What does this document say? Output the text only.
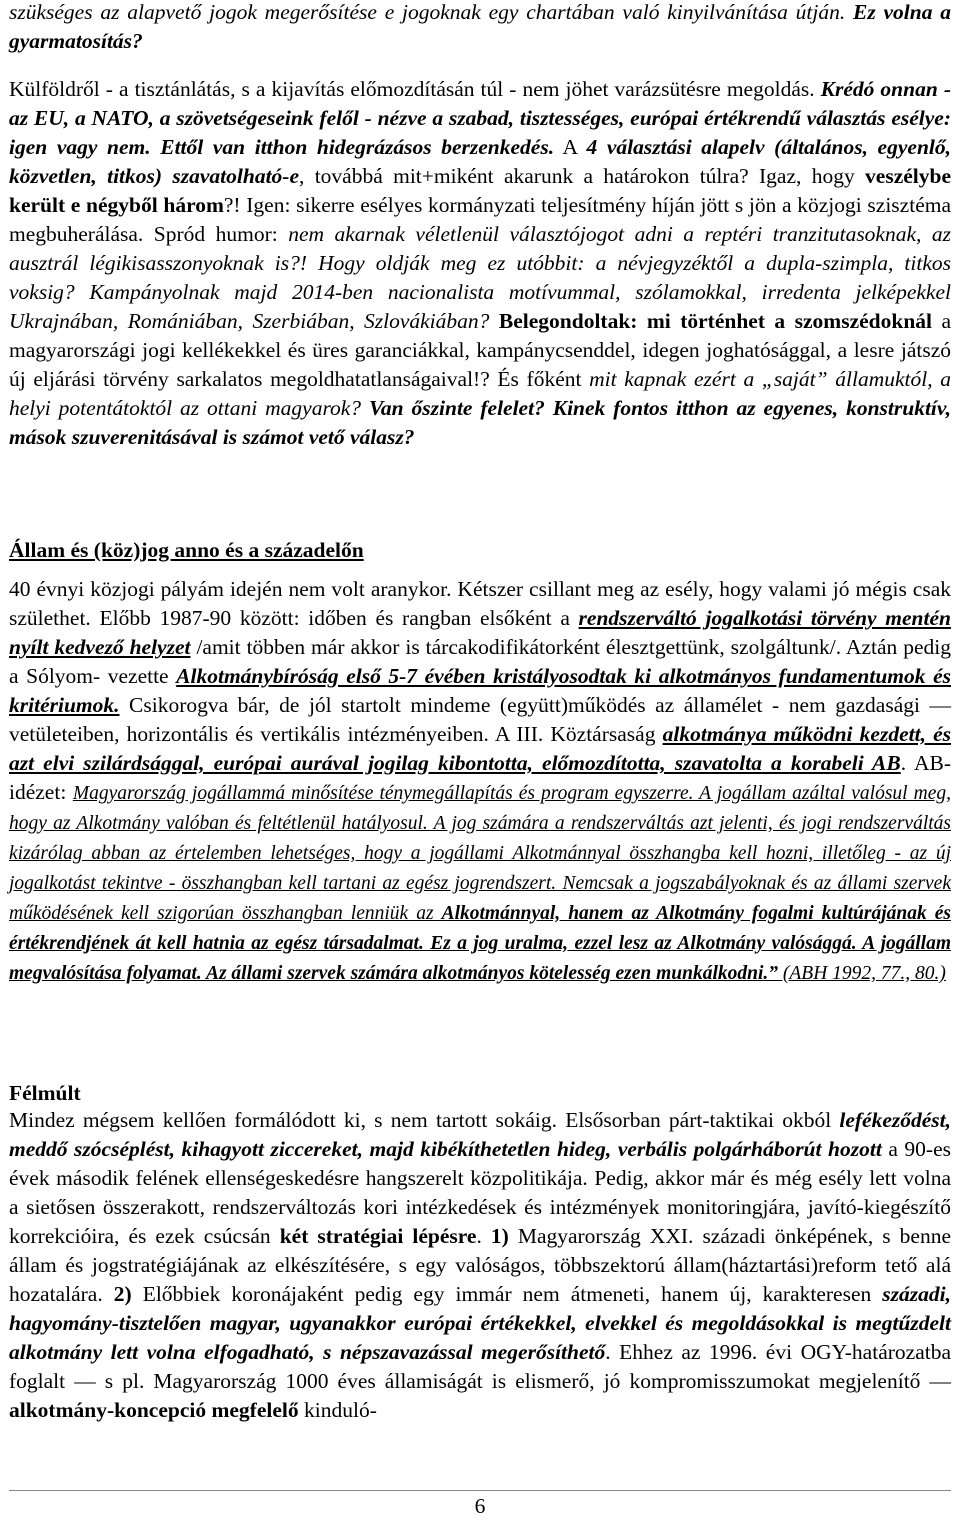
szükséges az alapvető jogok megerősítése e jogoknak egy chartában való kinyilvánítása útján. Ez volna a gyarmatosítás?

Külföldről - a tisztánlátás, s a kijavítás előmozdításán túl - nem jöhet varázsütésre megoldás. Krédó onnan - az EU, a NATO, a szövetségeseink felől - nézve a szabad, tisztességes, európai értékrendű választás esélye: igen vagy nem. Ettől van itthon hidegrázásos berzenkedés. A 4 választási alapelv (általános, egyenlő, közvetlen, titkos) szavatolható-e, továbbá mit+miként akarunk a határokon túlra? Igaz, hogy veszélybe került e négyből három?! Igen: sikerre esélyes kormányzati teljesítmény híján jött s jön a közjogi szisztéma megbuherálása. Spród humor: nem akarnak véletlenül választójogot adni a reptéri tranzitutasoknak, az ausztrál légikisasszonyoknak is?! Hogy oldják meg ez utóbbit: a névjegyzéktől a dupla-szimpla, titkos voksig? Kampányolnak majd 2014-ben nacionalista motívummal, szólamokkal, irredenta jelképekkel Ukrajnában, Romániában, Szerbiában, Szlovákiában? Belegondoltak: mi történhet a szomszédoknál a magyarországi jogi kellékekkel és üres garanciákkal, kampánycsenddel, idegen joghatósággal, a lesre játszó új eljárási törvény sarkalatos megoldhatatlanságaival!? És főként mit kapnak ezért a „saját” államuktól, a helyi potentátoktól az ottani magyarok? Van őszinte felelet? Kinek fontos itthon az egyenes, konstruktív, mások szuverenitásával is számot vető válasz?

Állam és (köz)jog anno és a századelőn

40 évnyi közjogi pályám idején nem volt aranykor. Kétszer csillant meg az esély, hogy valami jó mégis csak születhet. Előbb 1987-90 között: időben és rangban elsőként a rendszerváltó jogalkotási törvény mentén nyílt kedvező helyzet /amit többen már akkor is tárcakodifikátorként élesztgettünk, szolgáltunk/. Aztán pedig a Sólyom- vezette Alkotmánybíróság első 5-7 évében kristályosodtak ki alkotmányos fundamentumok és kritériumok. Csikorogva bár, de jól startolt mindeme (együtt)működés az államélet - nem gazdasági — vetületeiben, horizontális és vertikális intézményeiben. A III. Köztársaság alkotmánya működni kezdett, és azt elvi szilárdsággal, európai aurával jogilag kibontotta, előmozdította, szavatolta a korabeli AB. AB-idézet: Magyarország jogállammá minősítése ténymegállapítás és program egyszerre. A jogállam azáltal valósul meg, hogy az Alkotmány valóban és feltétlenül hatályosul. A jog számára a rendszerváltás azt jelenti, és jogi rendszerváltás kizárólag abban az értelemben lehetséges, hogy a jogállami Alkotmánnyal összhangba kell hozni, illetőleg - az új jogalkotást tekintve - összhangban kell tartani az egész jogrendszert. Nemcsak a jogszabályoknak és az állami szervek működésének kell szigorúan összhangban lenniük az Alkotmánnyal, hanem az Alkotmány fogalmi kultúrájának és értékrendjének át kell hatnia az egész társadalmat. Ez a jog uralma, ezzel lesz az Alkotmány valósággá. A jogállam megvalósítása folyamat. Az állami szervek számára alkotmányos kötelesség ezen munkálkodni.” (ABH 1992, 77., 80.)

Félmúlt

Mindez mégsem kellően formálódott ki, s nem tartott sokáig. Elsősorban párt-taktikai okból lefékeződést, meddő szócséplést, kihagyott ziccereket, majd kibékíthetetlen hideg, verbális polgárháborút hozott a 90-es évek második felének ellenségeskedésre hangszerelt közpolitikája. Pedig, akkor már és még esély lett volna a sietősen összerakott, rendszerváltozás kori intézkedések és intézmények monitoringjára, javító-kiegészítő korrekcióira, és ezek csúcsán két stratégiai lépésre. 1) Magyarország XXI. századi önképének, s benne állam és jogstratégiájának az elkészítésére, s egy valóságos, többszektorú állam(háztartási)reform tető alá hozatalára. 2) Előbbiek koronájaként pedig egy immár nem átmeneti, hanem új, karakteresen századi, hagyomány-tisztelően magyar, ugyanakkor európai értékekkel, elvekkel és megoldásokkal is megtűzdelt alkotmány lett volna elfogadható, s népszavazással megerősíthető. Ehhez az 1996. évi OGY-határozatba foglalt — s pl. Magyarország 1000 éves államiságát is elismerő, jó kompromisszumokat megjelenítő — alkotmány-koncepció megfelelő kinduló-

6
